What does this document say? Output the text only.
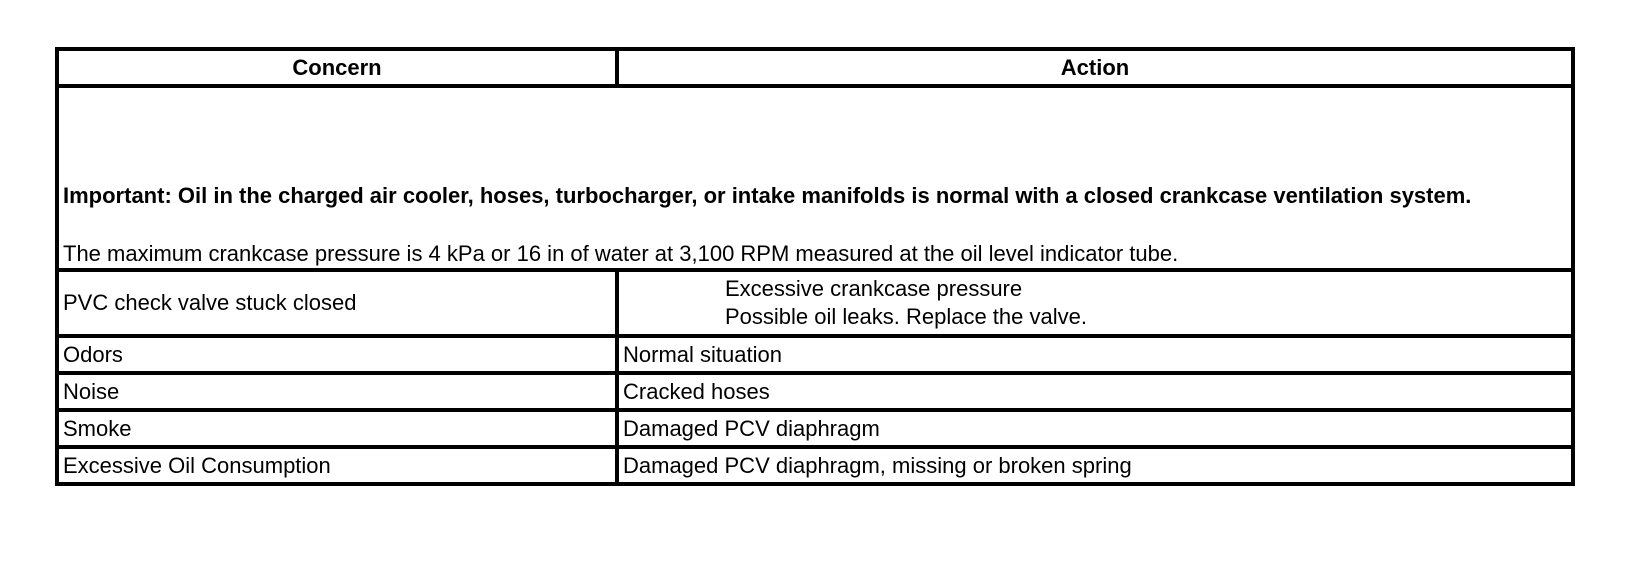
Concern	Action

Important: Oil in the charged air cooler, hoses, turbocharger, or intake manifolds is normal with a closed crankcase ventilation system.

The maximum crankcase pressure is 4 kPa or 16 in of water at 3,100 RPM measured at the oil level indicator tube.	

PVC check valve stuck closed	Excessive crankcase pressure
Possible oil leaks. Replace the valve.

Odors	Normal situation
Noise	Cracked hoses
Smoke	Damaged PCV diaphragm
Excessive Oil Consumption	Damaged PCV diaphragm, missing or broken spring
